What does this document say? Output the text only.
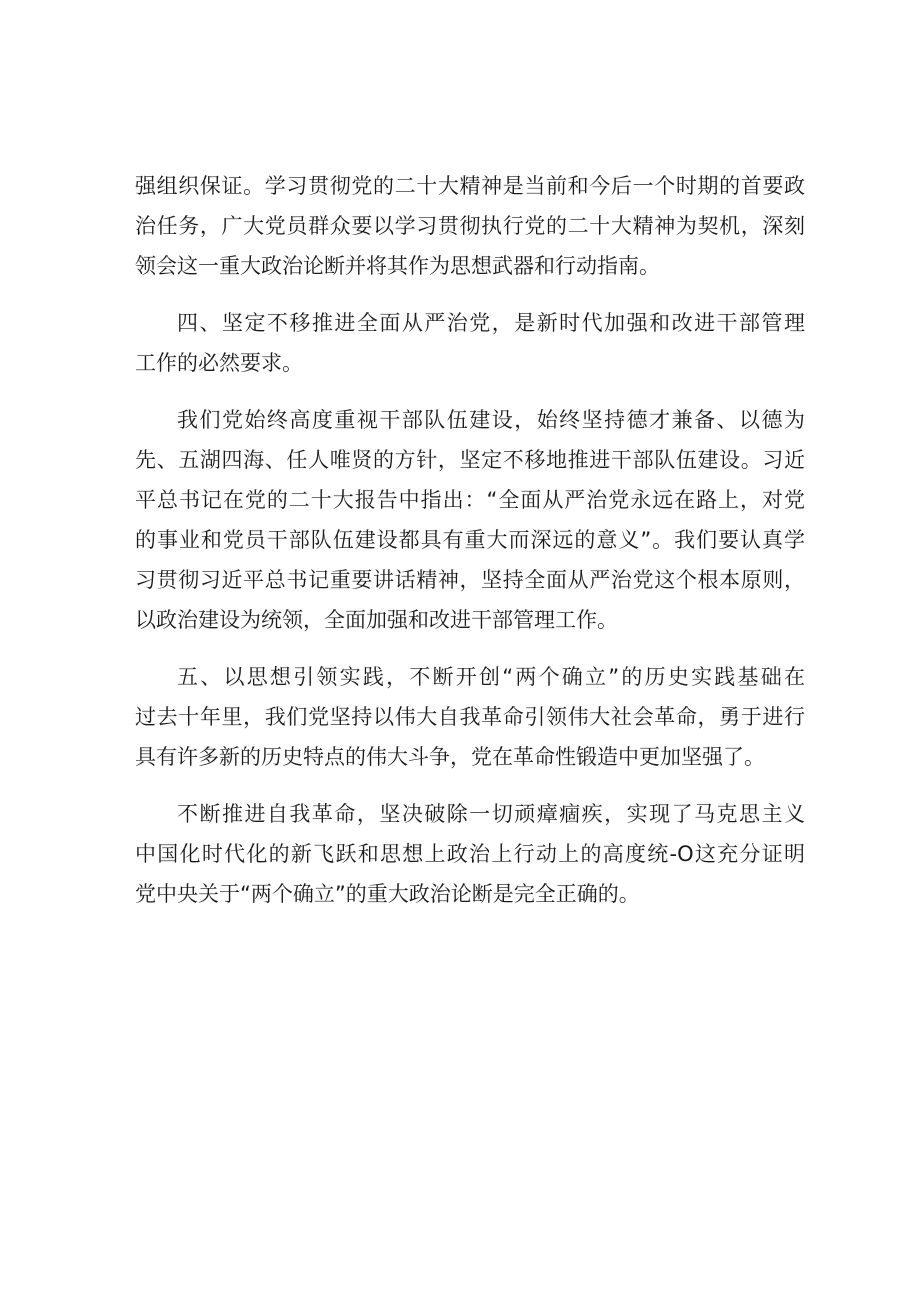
强组织保证。学习贯彻党的二十大精神是当前和今后一个时期的首要政
治任务，广大党员群众要以学习贯彻执行党的二十大精神为契机，深刻
领会这一重大政治论断并将其作为思想武器和行动指南。
四、坚定不移推进全面从严治党，是新时代加强和改进干部管理
工作的必然要求。
我们党始终高度重视干部队伍建设，始终坚持德才兼备、以德为
先、五湖四海、任人唯贤的方针，坚定不移地推进干部队伍建设。习近
平总书记在党的二十大报告中指出：“全面从严治党永远在路上，对党
的事业和党员干部队伍建设都具有重大而深远的意义”。我们要认真学
习贯彻习近平总书记重要讲话精神，坚持全面从严治党这个根本原则，
以政治建设为统领，全面加强和改进干部管理工作。
五、以思想引领实践，不断开创“两个确立”的历史实践基础在
过去十年里，我们党坚持以伟大自我革命引领伟大社会革命，勇于进行
具有许多新的历史特点的伟大斗争，党在革命性锻造中更加坚强了。
不断推进自我革命，坚决破除一切顽瘴痼疾，实现了马克思主义
中国化时代化的新飞跃和思想上政治上行动上的高度统-O这充分证明
党中央关于“两个确立”的重大政治论断是完全正确的。
